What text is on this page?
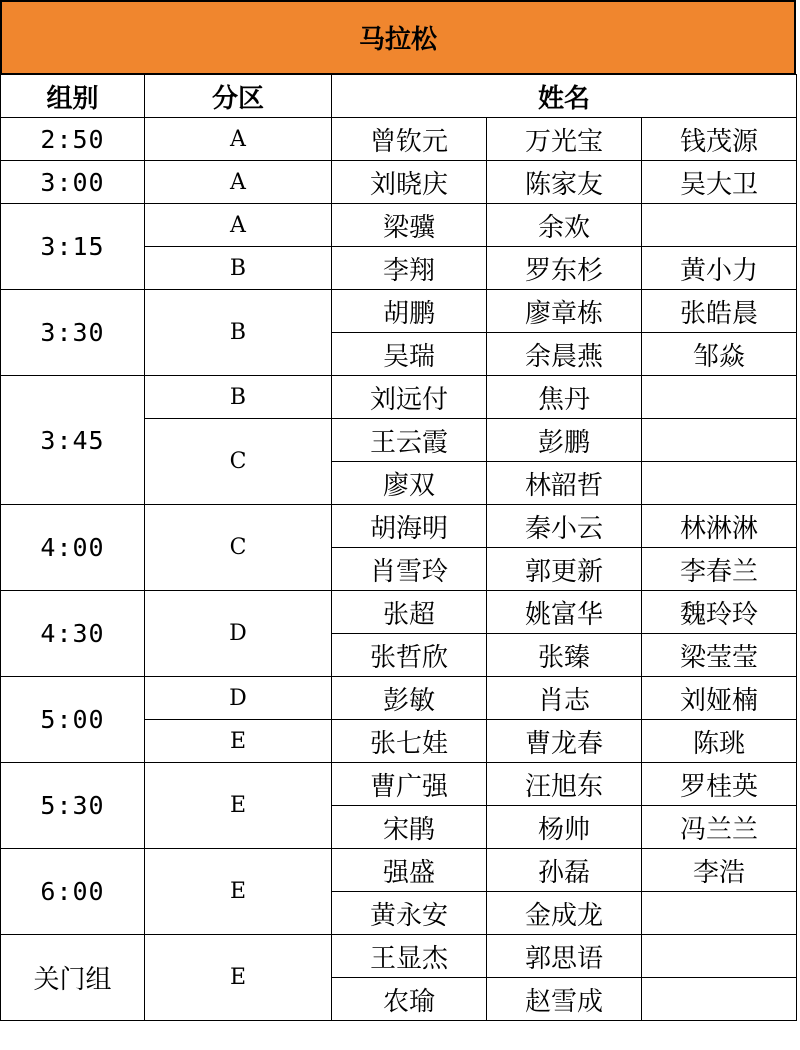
马拉松
组别	分区	姓名		
2:50	A	曾钦元	万光宝	钱茂源
3:00	A	刘晓庆	陈家友	吴大卫
3:15	A	梁骥	余欢	
	B	李翔	罗东杉	黄小力
3:30	B	胡鹏	廖章栋	张皓晨
		吴瑞	余晨燕	邹焱
3:45	B	刘远付	焦丹	
	C	王云霞	彭鹏	
		廖双	林韶哲	
4:00	C	胡海明	秦小云	林淋淋
		肖雪玲	郭更新	李春兰
4:30	D	张超	姚富华	魏玲玲
		张哲欣	张臻	梁莹莹
5:00	D	彭敏	肖志	刘娅楠
	E	张七娃	曹龙春	陈珧
5:30	E	曹广强	汪旭东	罗桂英
		宋鹃	杨帅	冯兰兰
6:00	E	强盛	孙磊	李浩
		黄永安	金成龙	
关门组	E	王显杰	郭思语	
		农瑜	赵雪成	
